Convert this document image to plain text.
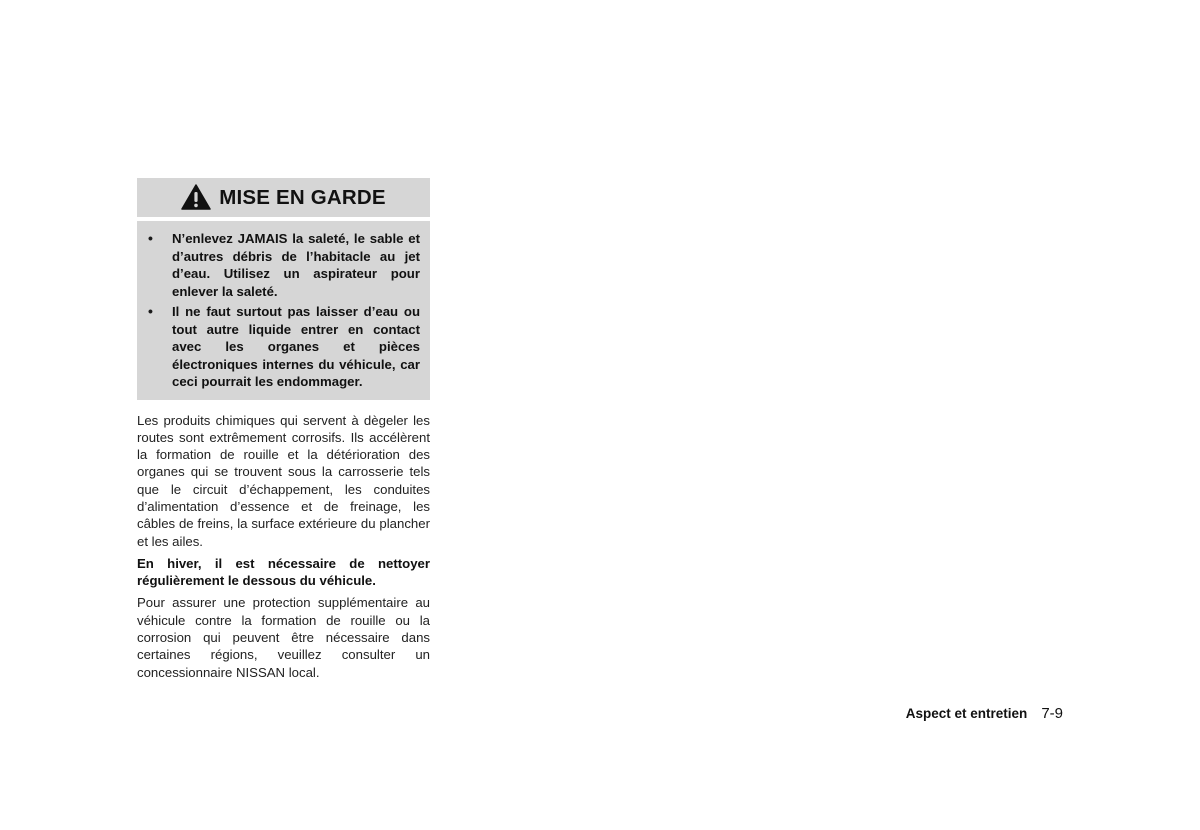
MISE EN GARDE
•	N’enlevez JAMAIS la saleté, le sable et d’autres débris de l’habitacle au jet d’eau. Utilisez un aspirateur pour enlever la saleté.
•	Il ne faut surtout pas laisser d’eau ou tout autre liquide entrer en contact avec les organes et pièces électroniques internes du véhicule, car ceci pourrait les endommager.

Les produits chimiques qui servent à dègeler les routes sont extrêmement corrosifs. Ils accélèrent la formation de rouille et la détérioration des organes qui se trouvent sous la carrosserie tels que le circuit d’échappement, les conduites d’alimentation d’essence et de freinage, les câbles de freins, la surface extérieure du plancher et les ailes.

En hiver, il est nécessaire de nettoyer régulièrement le dessous du véhicule.

Pour assurer une protection supplémentaire au véhicule contre la formation de rouille ou la corrosion qui peuvent être nécessaire dans certaines régions, veuillez consulter un concessionnaire NISSAN local.

Aspect et entretien 7-9
